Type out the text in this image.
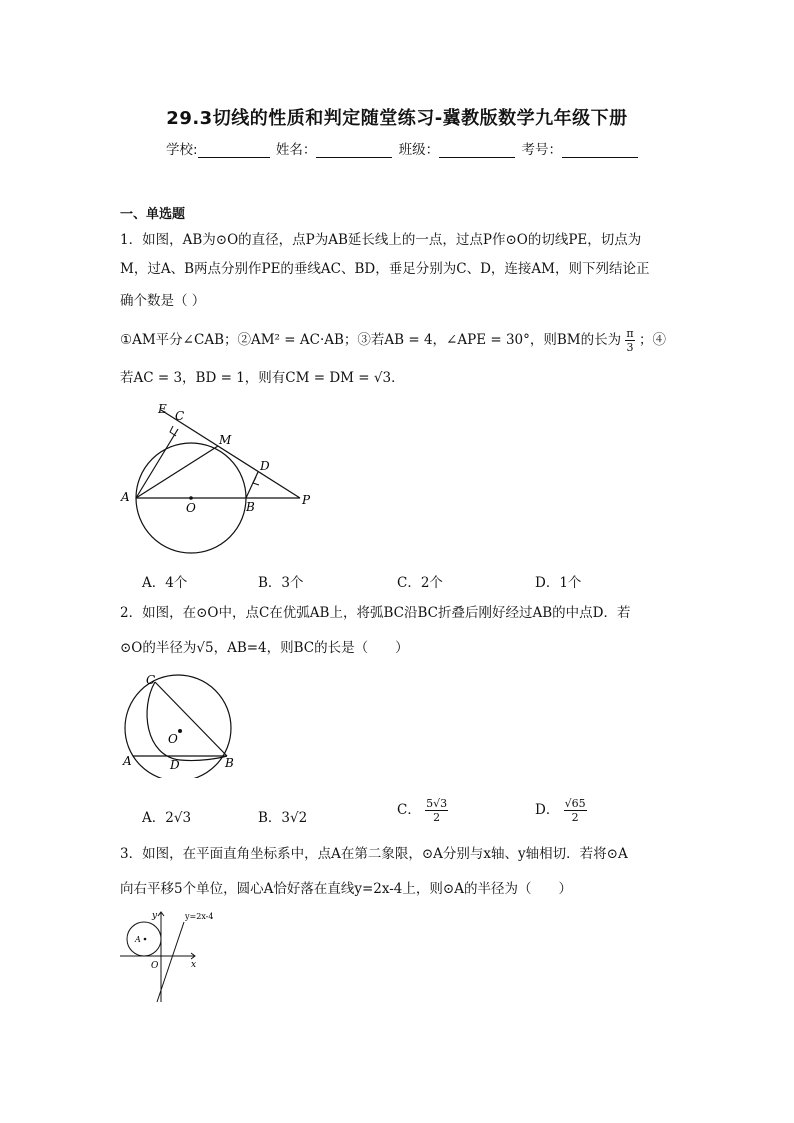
29.3切线的性质和判定随堂练习-冀教版数学九年级下册
学校:	姓名：	班级：	考号：
一、单选题
1．如图，AB为⊙O的直径，点P为AB延长线上的一点，过点P作⊙O的切线PE，切点为
M，过A、B两点分别作PE的垂线AC、BD，垂足分别为C、D，连接AM，则下列结论正
确个数是（ ）
①AM平分∠CAB；②AM² = AC·AB；③若AB = 4，∠APE = 30°，则BM的长为 $\frac{\pi}{3}$ ；④
若AC = 3，BD = 1，则有CM = DM = √3．
E C
M
D
A
O	B	P
A．4个	B．3个	C．2个	D．1个
2．如图，在⊙O中，点C在优弧AB上，将弧BC沿BC折叠后刚好经过AB的中点D．若
⊙O的半径为√5，AB=4，则BC的长是（　　）
C
O
A	D	B
A．2√3	B．3√2	C． $\frac{5√3}{2}$	D． $\frac{√65}{2}$
3．如图，在平面直角坐标系中，点A在第二象限，⊙A分别与x轴、y轴相切．若将⊙A
向右平移5个单位，圆心A恰好落在直线y=2x-4上，则⊙A的半径为（　　）
y	y=2x-4
A
O	x
